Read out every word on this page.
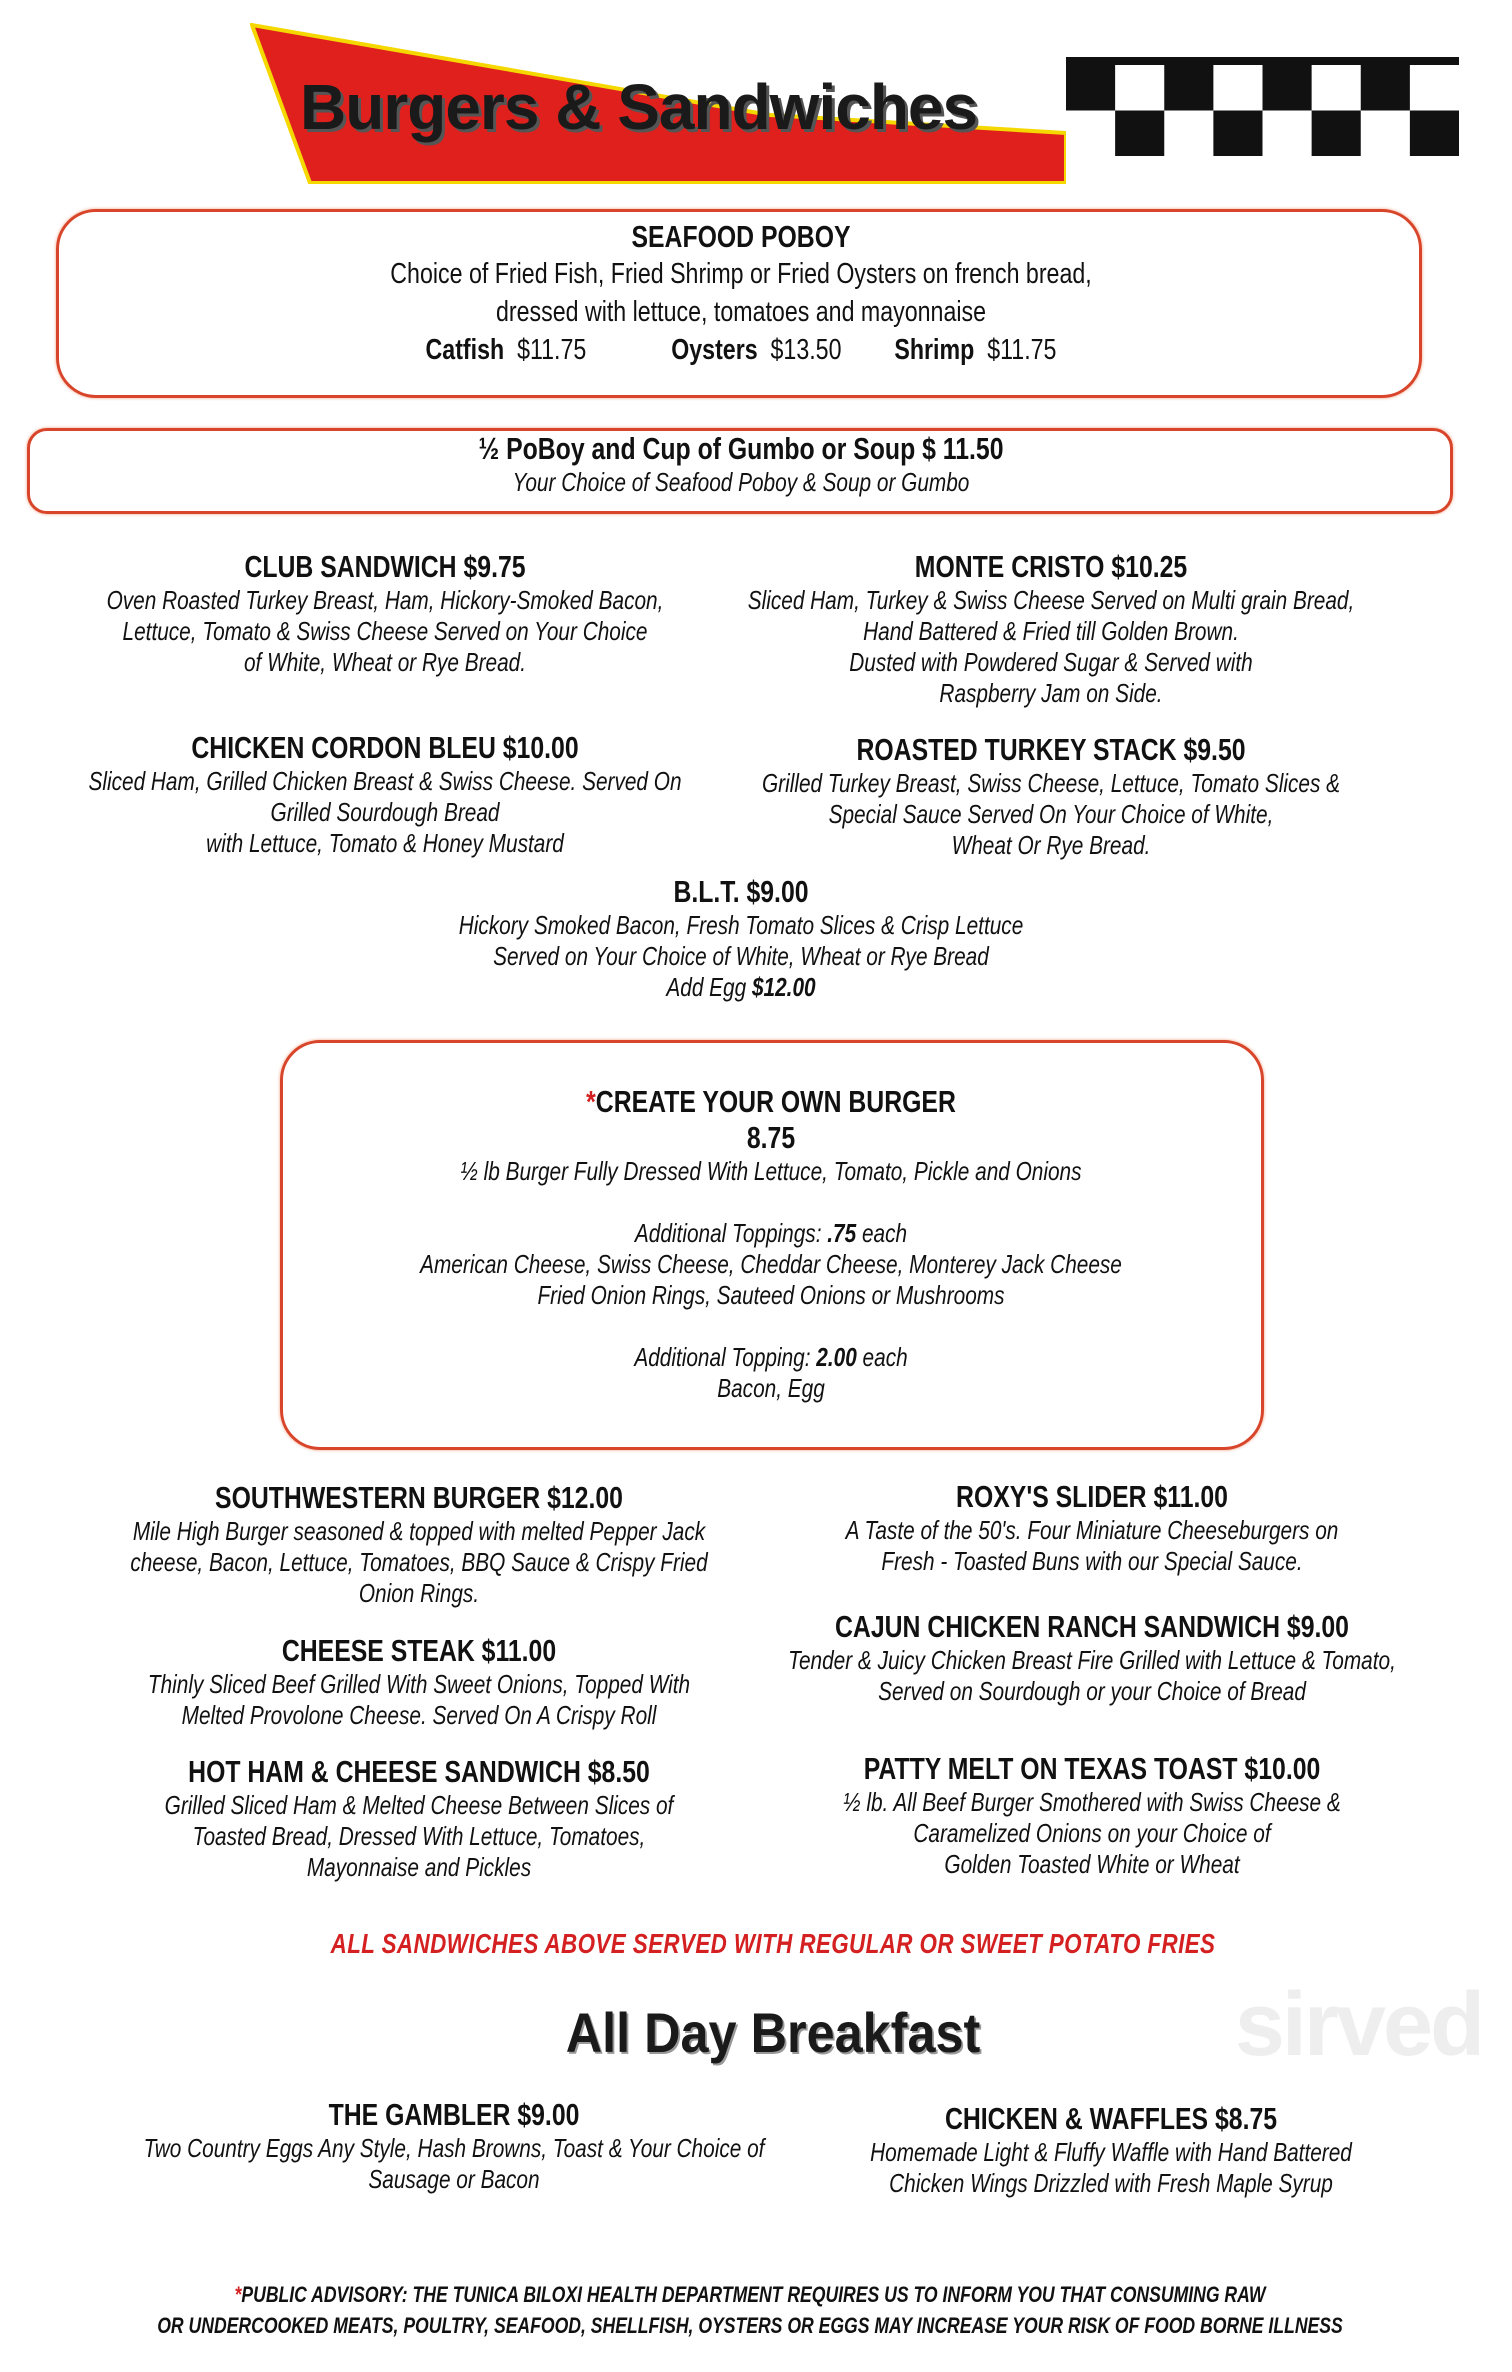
sirved
Burgers & Sandwiches
SEAFOOD POBOY
Choice of Fried Fish, Fried Shrimp or Fried Oysters on french bread,
dressed with lettuce, tomatoes and mayonnaise
Catfish $11.75	Oysters $13.50 Shrimp $11.75
½ PoBoy and Cup of Gumbo or Soup $ 11.50
Your Choice of Seafood Poboy & Soup or Gumbo
CLUB SANDWICH $9.75
Oven Roasted Turkey Breast, Ham, Hickory-Smoked Bacon,
Lettuce, Tomato & Swiss Cheese Served on Your Choice
of White, Wheat or Rye Bread.
MONTE CRISTO $10.25
Sliced Ham, Turkey & Swiss Cheese Served on Multi grain Bread,
Hand Battered & Fried till Golden Brown.
Dusted with Powdered Sugar & Served with
Raspberry Jam on Side.
CHICKEN CORDON BLEU $10.00
Sliced Ham, Grilled Chicken Breast & Swiss Cheese. Served On
Grilled Sourdough Bread
with Lettuce, Tomato & Honey Mustard
ROASTED TURKEY STACK $9.50
Grilled Turkey Breast, Swiss Cheese, Lettuce, Tomato Slices &
Special Sauce Served On Your Choice of White,
Wheat Or Rye Bread.
B.L.T. $9.00
Hickory Smoked Bacon, Fresh Tomato Slices & Crisp Lettuce
Served on Your Choice of White, Wheat or Rye Bread
Add Egg $12.00
*CREATE YOUR OWN BURGER
8.75
½ lb Burger Fully Dressed With Lettuce, Tomato, Pickle and Onions
Additional Toppings: .75 each
American Cheese, Swiss Cheese, Cheddar Cheese, Monterey Jack Cheese
Fried Onion Rings, Sauteed Onions or Mushrooms
Additional Topping: 2.00 each
Bacon, Egg
SOUTHWESTERN BURGER $12.00
Mile High Burger seasoned & topped with melted Pepper Jack
cheese, Bacon, Lettuce, Tomatoes, BBQ Sauce & Crispy Fried
Onion Rings.
ROXY'S SLIDER $11.00
A Taste of the 50's. Four Miniature Cheeseburgers on
Fresh - Toasted Buns with our Special Sauce.
CHEESE STEAK $11.00
Thinly Sliced Beef Grilled With Sweet Onions, Topped With
Melted Provolone Cheese. Served On A Crispy Roll
CAJUN CHICKEN RANCH SANDWICH $9.00
Tender & Juicy Chicken Breast Fire Grilled with Lettuce & Tomato,
Served on Sourdough or your Choice of Bread
HOT HAM & CHEESE SANDWICH $8.50
Grilled Sliced Ham & Melted Cheese Between Slices of
Toasted Bread, Dressed With Lettuce, Tomatoes,
Mayonnaise and Pickles
PATTY MELT ON TEXAS TOAST $10.00
½ lb. All Beef Burger Smothered with Swiss Cheese &
Caramelized Onions on your Choice of
Golden Toasted White or Wheat
ALL SANDWICHES ABOVE SERVED WITH REGULAR OR SWEET POTATO FRIES
All Day Breakfast
THE GAMBLER $9.00
Two Country Eggs Any Style, Hash Browns, Toast & Your Choice of
Sausage or Bacon
CHICKEN & WAFFLES $8.75
Homemade Light & Fluffy Waffle with Hand Battered
Chicken Wings Drizzled with Fresh Maple Syrup
*PUBLIC ADVISORY: THE TUNICA BILOXI HEALTH DEPARTMENT REQUIRES US TO INFORM YOU THAT CONSUMING RAW
OR UNDERCOOKED MEATS, POULTRY, SEAFOOD, SHELLFISH, OYSTERS OR EGGS MAY INCREASE YOUR RISK OF FOOD BORNE ILLNESS
